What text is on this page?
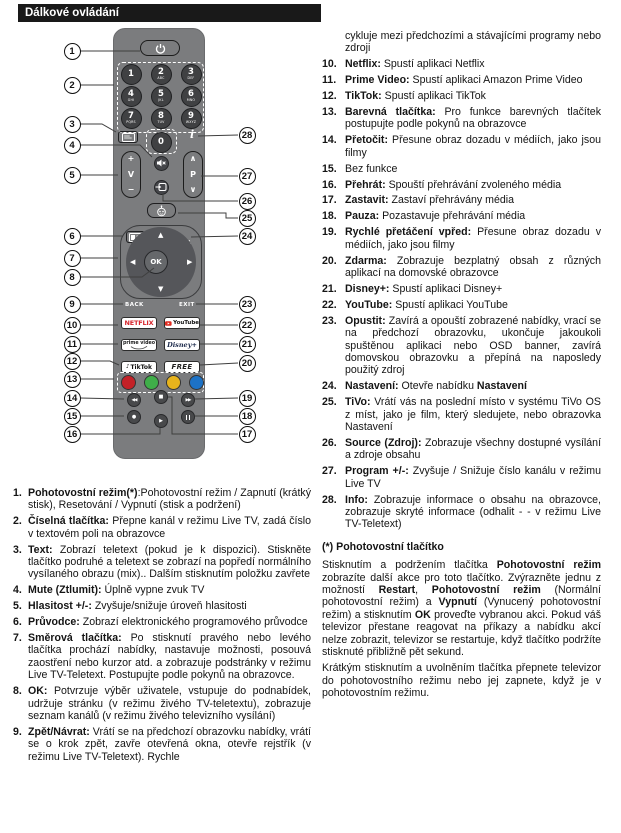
Dálkové ovládání
i
+
V
−
∧
P
∨
▲
▼
◀	▶
OK
BACK	EXIT
NETFLIX	YouTube
prime video Disney+
♪ TikTok	FREE
◀◀
■
▶▶
●
▶
1	2
ABC
3
DEF
4
GHI
5
JKL
6
MNO
7
PQRS
8
TUV
9
WXYZ
0
1
2
3
4
5
6
7
8
9
10
11
12
13
14
15
16	17
18
19
20
21
22
23
24
25
26
27
28
1. Pohotovostní režim(*):Pohotovostní režim / Zapnutí (krátký stisk), Resetování / Vypnutí (stisk a podržení)
2. Číselná tlačítka: Přepne kanál v režimu Live TV, zadá číslo v textovém poli na obrazovce
3. Text: Zobrazí teletext (pokud je k dispozici). Stiskněte tlačítko podruhé a teletext se zobrazí na popředí normálního vysílaného obrazu (mix).. Dalším stisknutím položku zavřete
4. Mute (Ztlumit): Úplně vypne zvuk TV
5. Hlasitost +/-: Zvyšuje/snižuje úroveň hlasitosti
6. Průvodce: Zobrazí elektronického programového průvodce
7. Směrová tlačítka: Po stisknutí pravého nebo levého tlačítka prochází nabídky, nastavuje možnosti, posouvá zaostření nebo kurzor atd. a zobrazuje podstránky v režimu Live TV-Teletext. Postupujte podle pokynů na obrazovce.
8. OK: Potvrzuje výběr uživatele, vstupuje do podnabídek, udržuje stránku (v režimu živého TV-teletextu), zobrazuje seznam kanálů (v režimu živého televizního vysílání)
9. Zpět/Návrat: Vrátí se na předchozí obrazovku nabídky, vrátí se o krok zpět, zavře otevřená okna, otevře rejstřík (v režimu Live TV-Teletext). Rychle
cykluje mezi předchozími a stávajícími programy nebo zdroji
10. Netflix: Spustí aplikaci Netflix
11. Prime Video: Spustí aplikaci Amazon Prime Video
12. TikTok: Spustí aplikaci TikTok
13. Barevná tlačítka: Pro funkce barevných tlačítek postupujte podle pokynů na obrazovce
14. Přetočit: Přesune obraz dozadu v médiích, jako jsou filmy
15. Bez funkce
16. Přehrát: Spouští přehrávání zvoleného média
17. Zastavit: Zastaví přehrávány média
18. Pauza: Pozastavuje přehrávání média
19. Rychlé přetáčení vpřed: Přesune obraz dozadu v médiích, jako jsou filmy
20. Zdarma: Zobrazuje bezplatný obsah z různých aplikací na domovské obrazovce
21. Disney+: Spustí aplikaci Disney+
22. YouTube: Spustí aplikaci YouTube
23. Opustit: Zavírá a opouští zobrazené nabídky, vrací se na předchozí obrazovku, ukončuje jakoukoli spuštěnou aplikaci nebo OSD banner, zavírá domovskou obrazovku a přepíná na naposledy použitý zdroj
24. Nastavení: Otevře nabídku Nastavení
25. TiVo: Vrátí vás na poslední místo v systému TiVo OS z míst, jako je film, který sledujete, nebo obrazovka Nastavení
26. Source (Zdroj): Zobrazuje všechny dostupné vysílání a zdroje obsahu
27. Program +/-: Zvyšuje / Snižuje číslo kanálu v režimu Live TV
28. Info: Zobrazuje informace o obsahu na obrazovce, zobrazuje skryté informace (odhalit - - v režimu Live TV-Teletext)
(*) Pohotovostní tlačítko

Stisknutím a podržením tlačítka Pohotovostní režim zobrazíte další akce pro toto tlačítko. Zvýrazněte jednu z možností Restart, Pohotovostní režim (Normální pohotovostní režim) a Vypnutí (Vynucený pohotovostní režim) a stisknutím OK proveďte vybranou akci. Pokud váš televizor přestane reagovat na příkazy a nabídku akcí nelze zobrazit, televizor se restartuje, když tlačítko podržíte stisknuté přibližně pět sekund.

Krátkým stisknutím a uvolněním tlačítka přepnete televizor do pohotovostního režimu nebo jej zapnete, když je v pohotovostním režimu.
